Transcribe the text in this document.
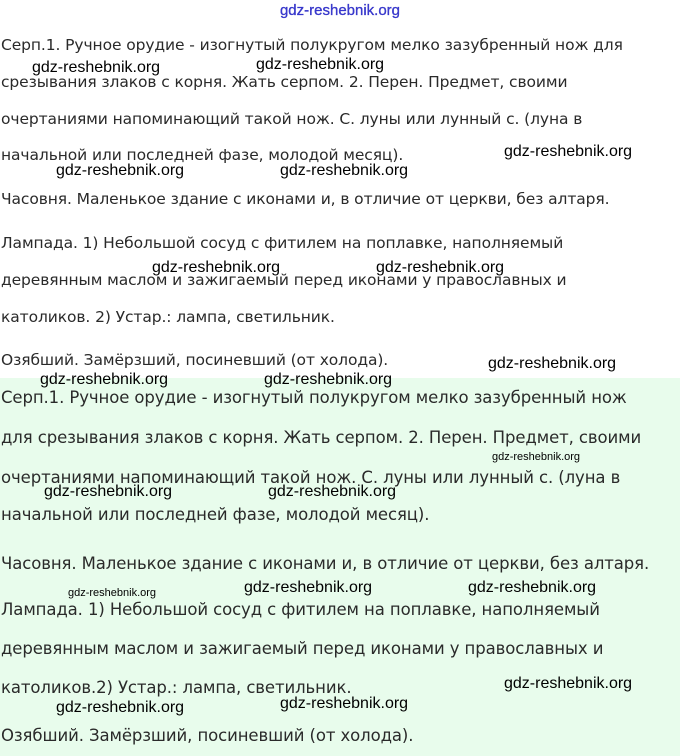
gdz-reshebnik.org
Серп.1. Ручное орудие - изогнутый полукругом мелко зазубренный нож для
срезывания злаков с корня. Жать серпом. 2. Перен. Предмет, своими
очертаниями напоминающий такой нож. С. луны или лунный с. (луна в
начальной или последней фазе, молодой месяц).
Часовня. Маленькое здание с иконами и, в отличие от церкви, без алтаря.
Лампада. 1) Небольшой сосуд с фитилем на поплавке, наполняемый
деревянным маслом и зажигаемый перед иконами у православных и
католиков. 2) Устар.: лампа, светильник.
Озябший. Замёрзший, посиневший (от холода).
Серп.1. Ручное орудие - изогнутый полукругом мелко зазубренный нож
для срезывания злаков с корня. Жать серпом. 2. Перен. Предмет, своими
очертаниями напоминающий такой нож. С. луны или лунный с. (луна в
начальной или последней фазе, молодой месяц).
Часовня. Маленькое здание с иконами и, в отличие от церкви, без алтаря.
Лампада. 1) Небольшой сосуд с фитилем на поплавке, наполняемый
деревянным маслом и зажигаемый перед иконами у православных и
католиков.2) Устар.: лампа, светильник.
Озябший. Замёрзший, посиневший (от холода).
gdz-reshebnik.org	gdz-reshebnik.org
gdz-reshebnik.org
gdz-reshebnik.org	gdz-reshebnik.org
gdz-reshebnik.org	gdz-reshebnik.org
gdz-reshebnik.org
gdz-reshebnik.org	gdz-reshebnik.org
gdz-reshebnik.org
gdz-reshebnik.org	gdz-reshebnik.org
gdz-reshebnik.org	gdz-reshebnik.org	gdz-reshebnik.org
gdz-reshebnik.org
gdz-reshebnik.org	gdz-reshebnik.org
